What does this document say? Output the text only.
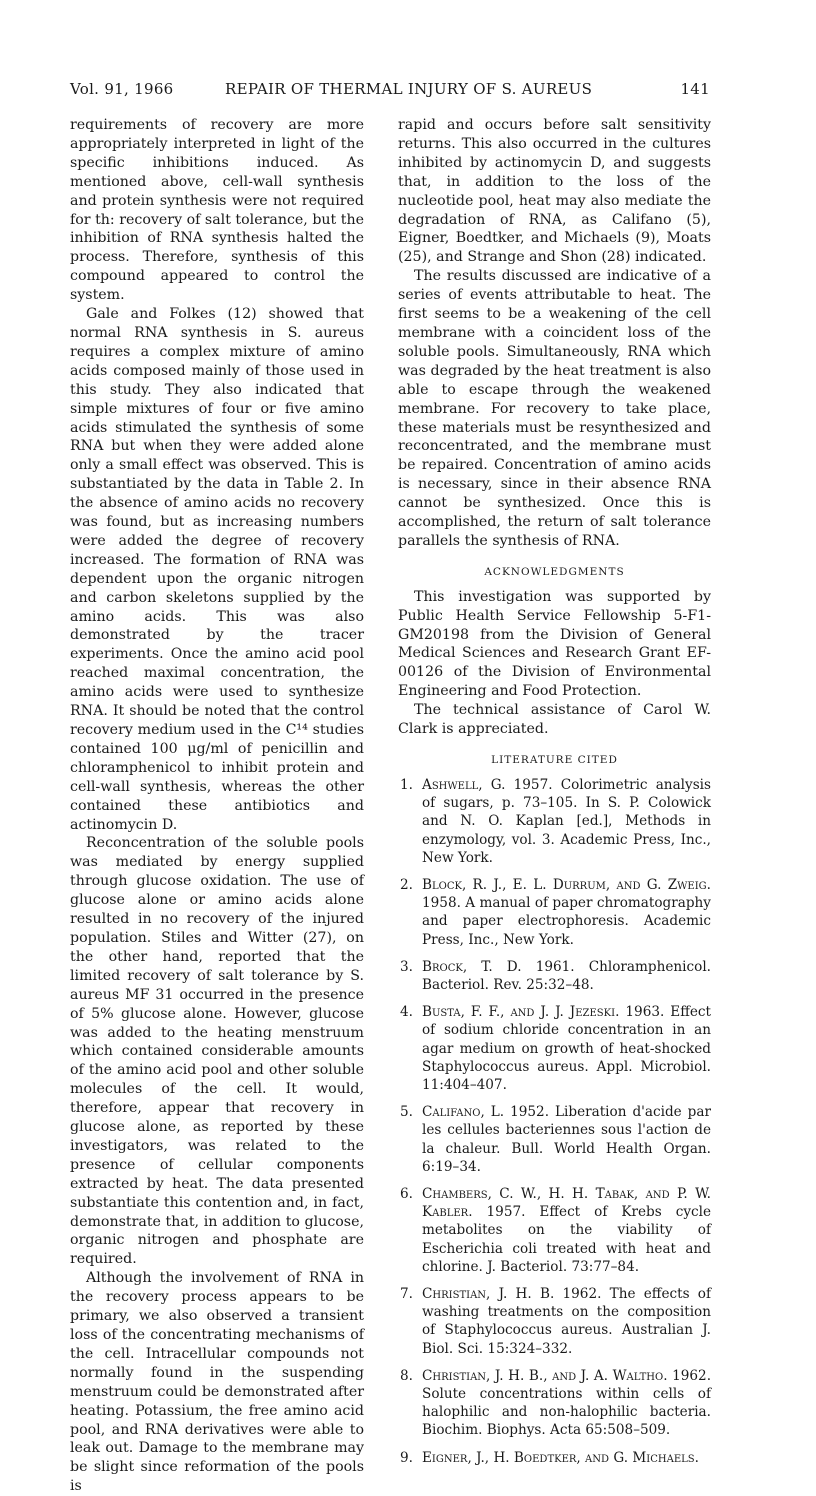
Vol. 91, 1966	REPAIR OF THERMAL INJURY OF S. AUREUS	141

requirements of recovery are more appropriately interpreted in light of the specific inhibitions induced. As mentioned above, cell-wall synthesis and protein synthesis were not required for th: recovery of salt tolerance, but the inhibition of RNA synthesis halted the process. Therefore, synthesis of this compound appeared to control the system.

Gale and Folkes (12) showed that normal RNA synthesis in S. aureus requires a complex mixture of amino acids composed mainly of those used in this study. They also indicated that simple mixtures of four or five amino acids stimulated the synthesis of some RNA but when they were added alone only a small effect was observed. This is substantiated by the data in Table 2. In the absence of amino acids no recovery was found, but as increasing numbers were added the degree of recovery increased. The formation of RNA was dependent upon the organic nitrogen and carbon skeletons supplied by the amino acids. This was also demonstrated by the tracer experiments. Once the amino acid pool reached maximal concentration, the amino acids were used to synthesize RNA. It should be noted that the control recovery medium used in the C¹⁴ studies contained 100 μg/ml of penicillin and chloramphenicol to inhibit protein and cell-wall synthesis, whereas the other contained these antibiotics and actinomycin D.

Reconcentration of the soluble pools was mediated by energy supplied through glucose oxidation. The use of glucose alone or amino acids alone resulted in no recovery of the injured population. Stiles and Witter (27), on the other hand, reported that the limited recovery of salt tolerance by S. aureus MF 31 occurred in the presence of 5% glucose alone. However, glucose was added to the heating menstruum which contained considerable amounts of the amino acid pool and other soluble molecules of the cell. It would, therefore, appear that recovery in glucose alone, as reported by these investigators, was related to the presence of cellular components extracted by heat. The data presented substantiate this contention and, in fact, demonstrate that, in addition to glucose, organic nitrogen and phosphate are required.

Although the involvement of RNA in the recovery process appears to be primary, we also observed a transient loss of the concentrating mechanisms of the cell. Intracellular compounds not normally found in the suspending menstruum could be demonstrated after heating. Potassium, the free amino acid pool, and RNA derivatives were able to leak out. Damage to the membrane may be slight since reformation of the pools is

rapid and occurs before salt sensitivity returns. This also occurred in the cultures inhibited by actinomycin D, and suggests that, in addition to the loss of the nucleotide pool, heat may also mediate the degradation of RNA, as Califano (5), Eigner, Boedtker, and Michaels (9), Moats (25), and Strange and Shon (28) indicated.

The results discussed are indicative of a series of events attributable to heat. The first seems to be a weakening of the cell membrane with a coincident loss of the soluble pools. Simultaneously, RNA which was degraded by the heat treatment is also able to escape through the weakened membrane. For recovery to take place, these materials must be resynthesized and reconcentrated, and the membrane must be repaired. Concentration of amino acids is necessary, since in their absence RNA cannot be synthesized. Once this is accomplished, the return of salt tolerance parallels the synthesis of RNA.

ACKNOWLEDGMENTS

This investigation was supported by Public Health Service Fellowship 5-F1-GM20198 from the Division of General Medical Sciences and Research Grant EF-00126 of the Division of Environmental Engineering and Food Protection.

The technical assistance of Carol W. Clark is appreciated.

LITERATURE CITED
1. Ashwell, G. 1957. Colorimetric analysis of sugars, p. 73–105. In S. P. Colowick and N. O. Kaplan [ed.], Methods in enzymology, vol. 3. Academic Press, Inc., New York.
2. Block, R. J., E. L. Durrum, and G. Zweig. 1958. A manual of paper chromatography and paper electrophoresis. Academic Press, Inc., New York.
3. Brock, T. D. 1961. Chloramphenicol. Bacteriol. Rev. 25:32–48.
4. Busta, F. F., and J. J. Jezeski. 1963. Effect of sodium chloride concentration in an agar medium on growth of heat-shocked Staphylococcus aureus. Appl. Microbiol. 11:404–407.
5. Califano, L. 1952. Liberation d'acide par les cellules bacteriennes sous l'action de la chaleur. Bull. World Health Organ. 6:19–34.
6. Chambers, C. W., H. H. Tabak, and P. W. Kabler. 1957. Effect of Krebs cycle metabolites on the viability of Escherichia coli treated with heat and chlorine. J. Bacteriol. 73:77–84.
7. Christian, J. H. B. 1962. The effects of washing treatments on the composition of Staphylococcus aureus. Australian J. Biol. Sci. 15:324–332.
8. Christian, J. H. B., and J. A. Waltho. 1962. Solute concentrations within cells of halophilic and non-halophilic bacteria. Biochim. Biophys. Acta 65:508–509.
9. Eigner, J., H. Boedtker, and G. Michaels.
